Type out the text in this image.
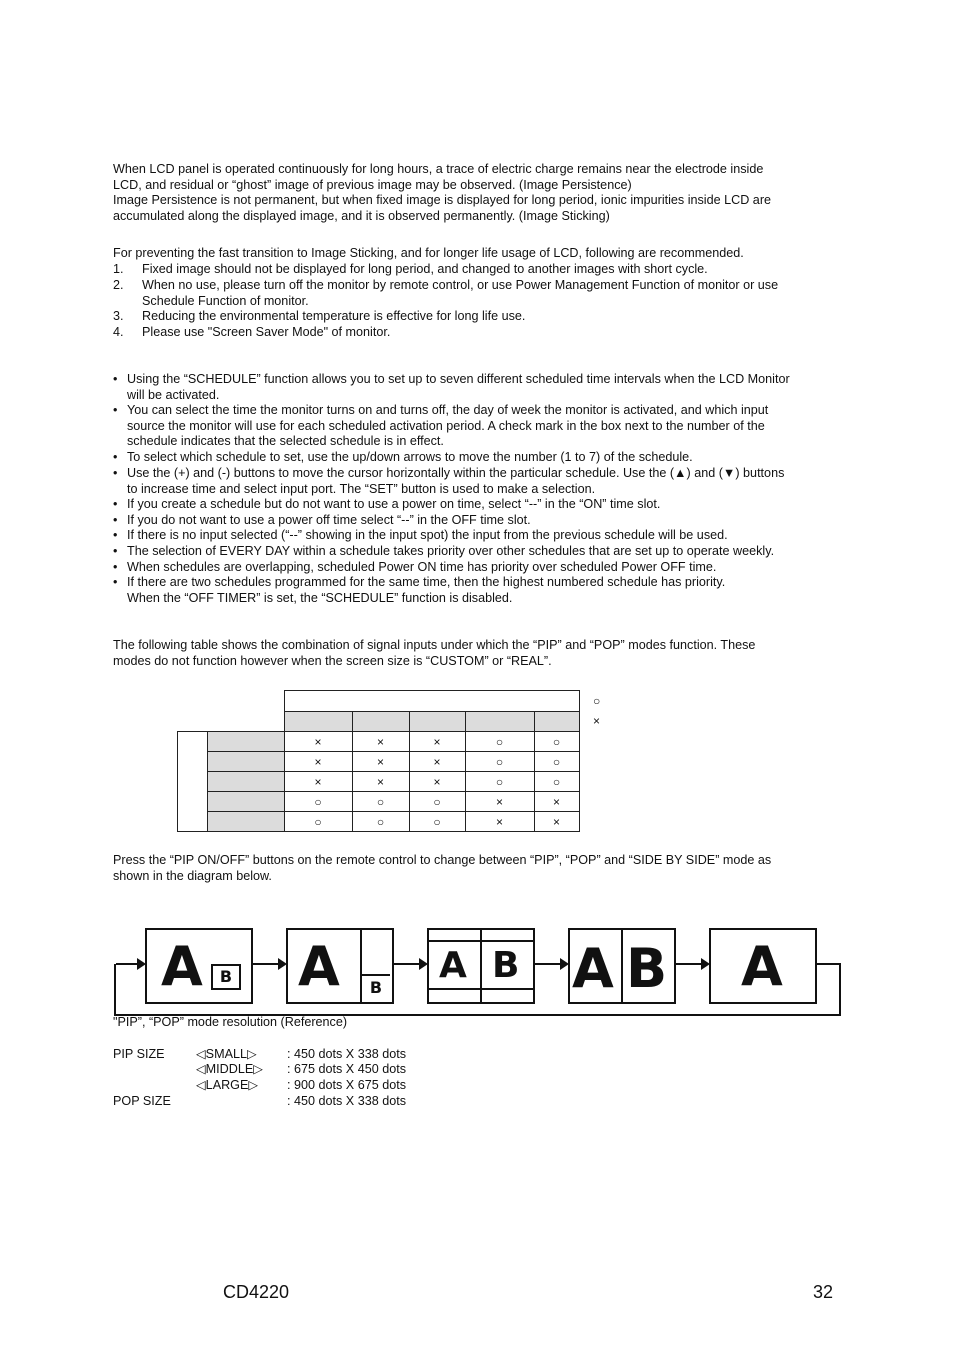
When LCD panel is operated continuously for long hours, a trace of electric charge remains near the electrode inside
LCD, and residual or “ghost” image of previous image may be observed. (Image Persistence)
Image Persistence is not permanent, but when fixed image is displayed for long period, ionic impurities inside LCD are
accumulated along the displayed image, and it is observed permanently. (Image Sticking)
For preventing the fast transition to Image Sticking, and for longer life usage of LCD, following are recommended.
1.	Fixed image should not be displayed for long period, and changed to another images with short cycle.
2.	When no use, please turn off the monitor by remote control, or use Power Management Function of monitor or use
Schedule Function of monitor.
3.	Reducing the environmental temperature is effective for long life use.
4.	Please use "Screen Saver Mode" of monitor.
• Using the “SCHEDULE” function allows you to set up to seven different scheduled time intervals when the LCD Monitor
will be activated.
• You can select the time the monitor turns on and turns off, the day of week the monitor is activated, and which input
source the monitor will use for each scheduled activation period. A check mark in the box next to the number of the
schedule indicates that the selected schedule is in effect.
• To select which schedule to set, use the up/down arrows to move the number (1 to 7) of the schedule.
• Use the (+) and (-) buttons to move the cursor horizontally within the particular schedule. Use the (▲) and (▼) buttons
to increase time and select input port. The “SET” button is used to make a selection.
• If you create a schedule but do not want to use a power on time, select “--” in the “ON” time slot.
• If you do not want to use a power off time select “--” in the OFF time slot.
• If there is no input selected (“--” showing in the input spot) the input from the previous schedule will be used.
• The selection of EVERY DAY within a schedule takes priority over other schedules that are set up to operate weekly.
• When schedules are overlapping, scheduled Power ON time has priority over scheduled Power OFF time.
• If there are two schedules programmed for the same time, then the highest numbered schedule has priority.
When the “OFF TIMER” is set, the “SCHEDULE” function is disabled.
The following table shows the combination of signal inputs under which the “PIP” and “POP” modes function. These
modes do not function however when the screen size is “CUSTOM” or “REAL”.

		×	×	×	○	○
		×	×	×	○	○
		×	×	×	○	○
		○	○	○	×	×
		○	○	○	×	×
○
×
Press the “PIP ON/OFF” buttons on the remote control to change between “PIP”, “POP” and “SIDE BY SIDE” mode as
shown in the diagram below.
A	B A	B
A B A B A
"PIP”, “POP” mode resolution (Reference)
PIP SIZE ◁SMALL▷ : 450 dots X 338 dots
◁MIDDLE▷ : 675 dots X 450 dots
◁LARGE▷ : 900 dots X 675 dots
POP SIZE	: 450 dots X 338 dots
CD4220	32
